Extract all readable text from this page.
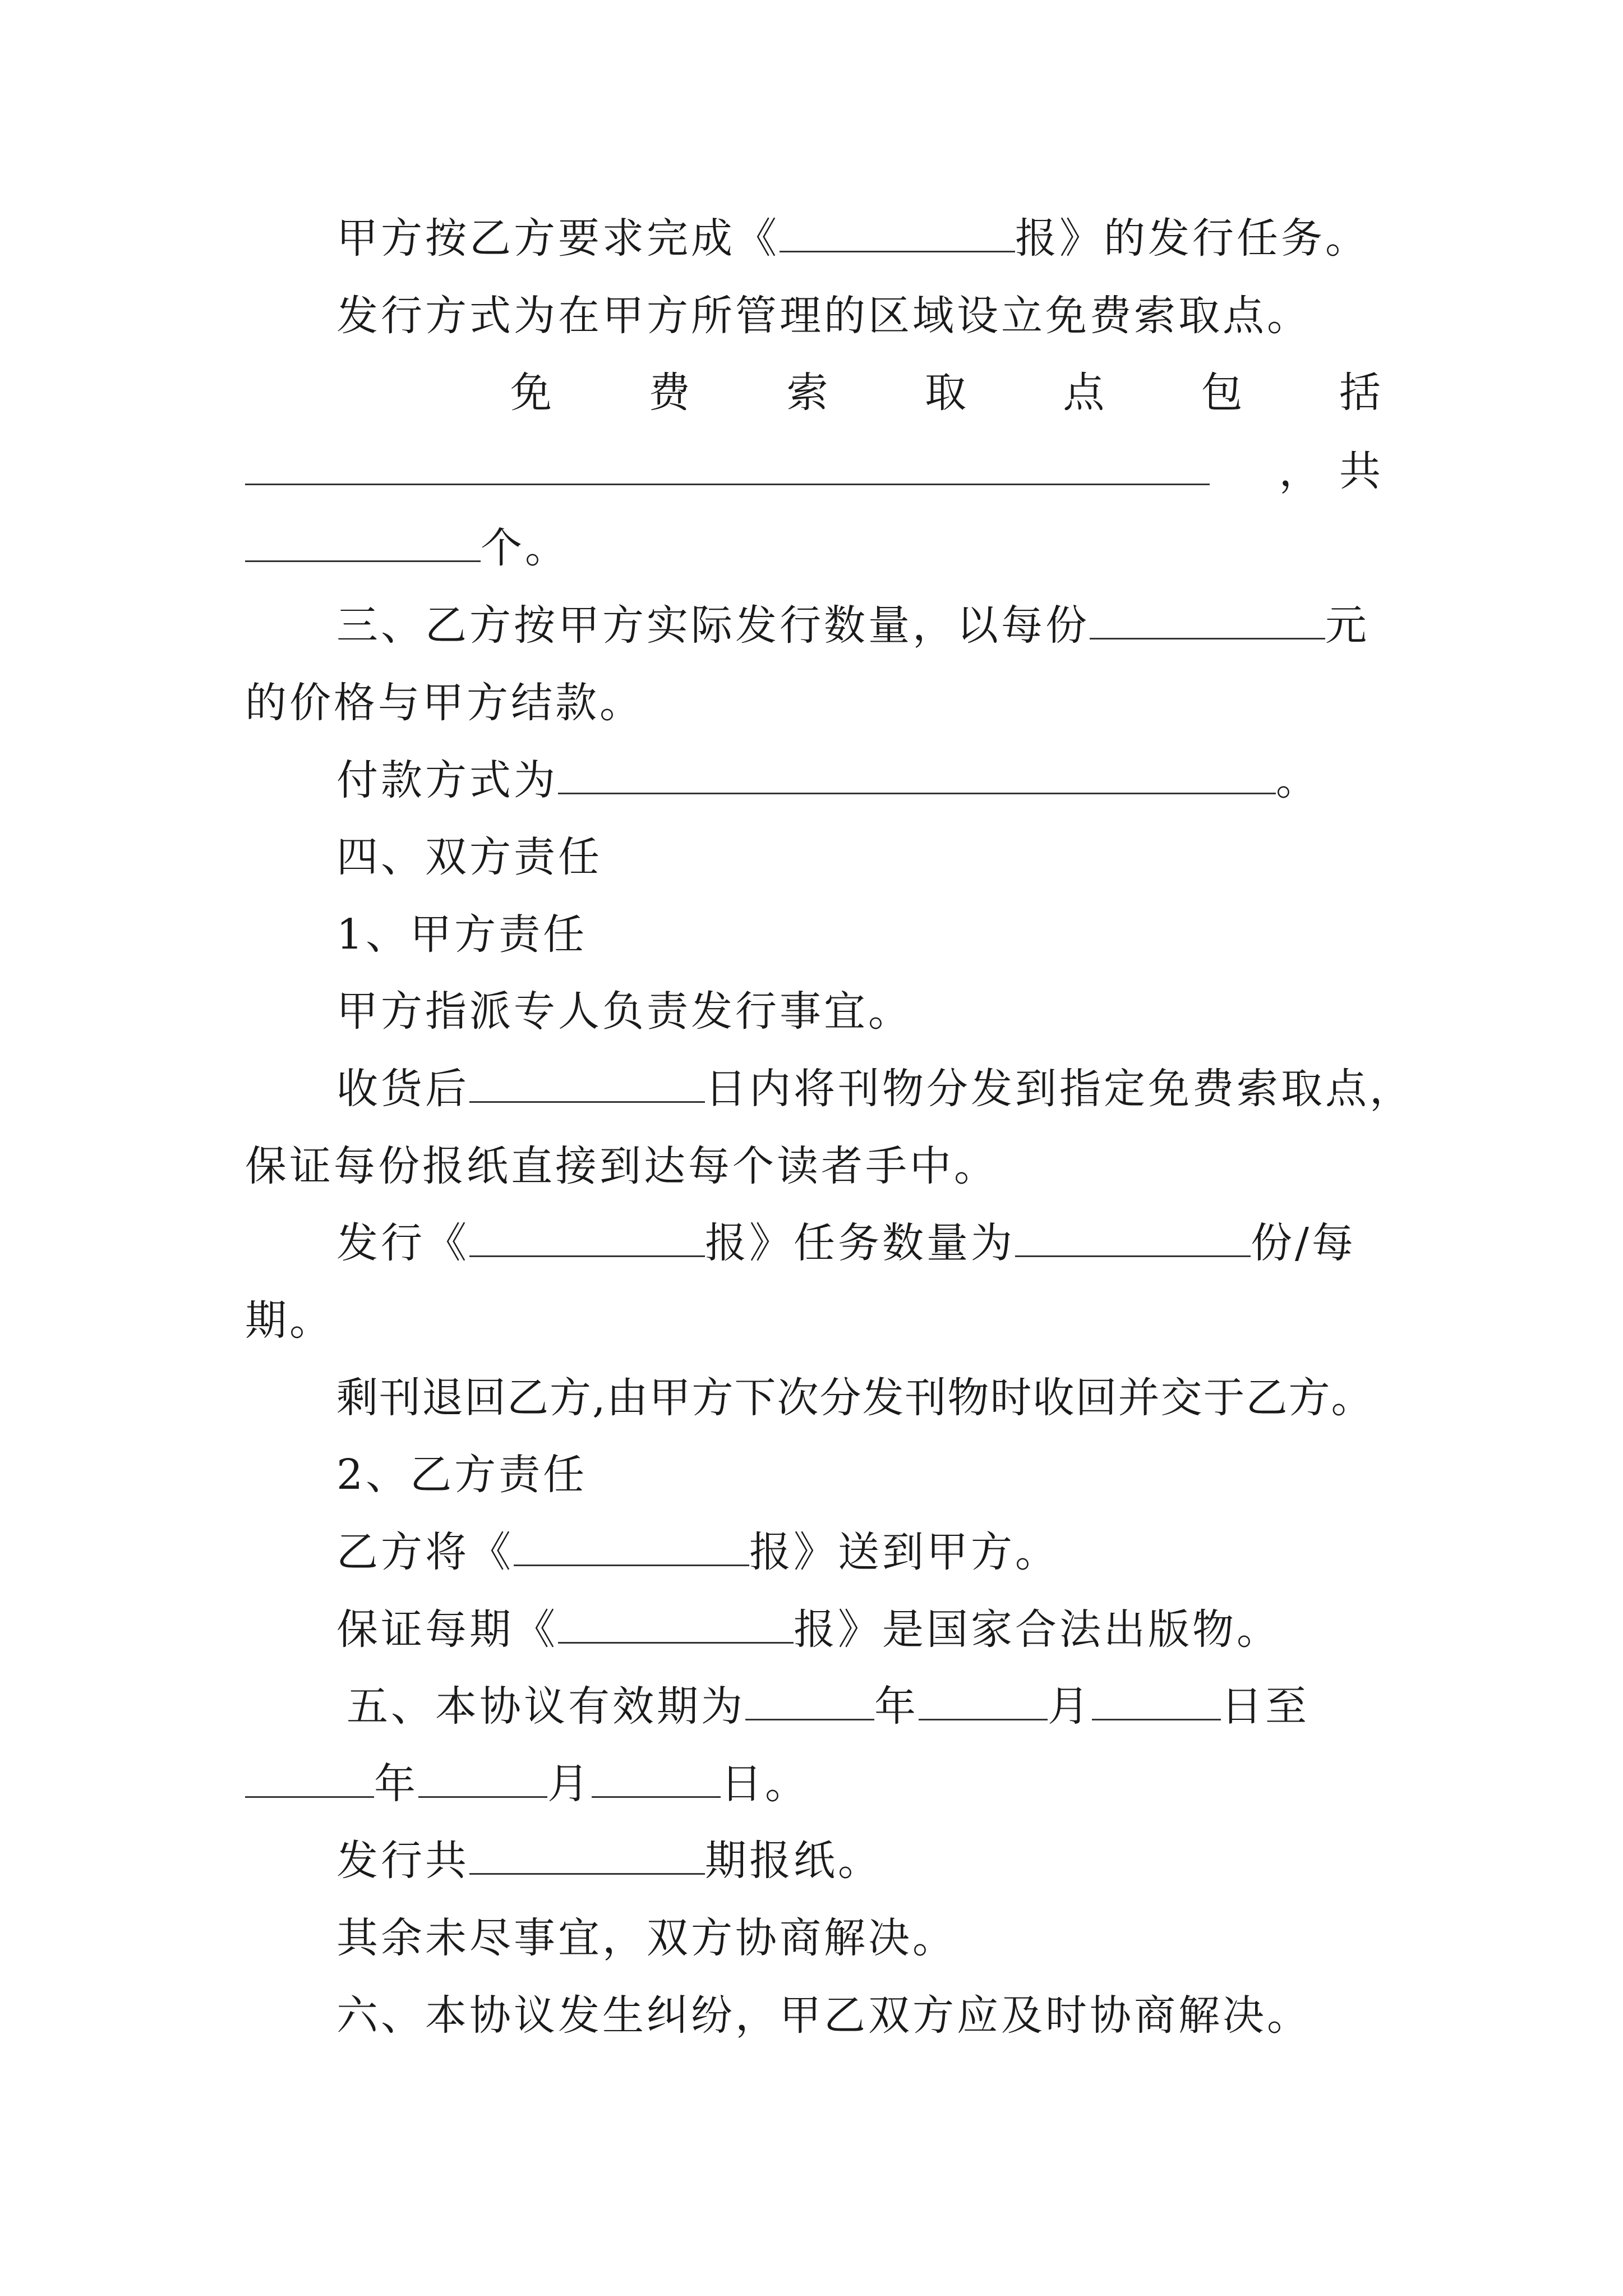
甲方按乙方要求完成《	报》的发行任务。
发行方式为在甲方所管理的区域设立免费索取点。
免 费 索 取 点 包 括
， 共
个。
三、乙方按甲方实际发行数量，以每份	元
的价格与甲方结款。
付款方式为	。
四、双方责任
1、甲方责任
甲方指派专人负责发行事宜。
收货后	日内将刊物分发到指定免费索取点，
保证每份报纸直接到达每个读者手中。
发行《	报》任务数量为	份/每
期。
剩刊退回乙方,由甲方下次分发刊物时收回并交于乙方。
2、乙方责任
乙方将《	报》送到甲方。
保证每期《	报》是国家合法出版物。
五、本协议有效期为	年	月	日至
年	月	日。
发行共	期报纸。
其余未尽事宜，双方协商解决。
六、本协议发生纠纷，甲乙双方应及时协商解决。
